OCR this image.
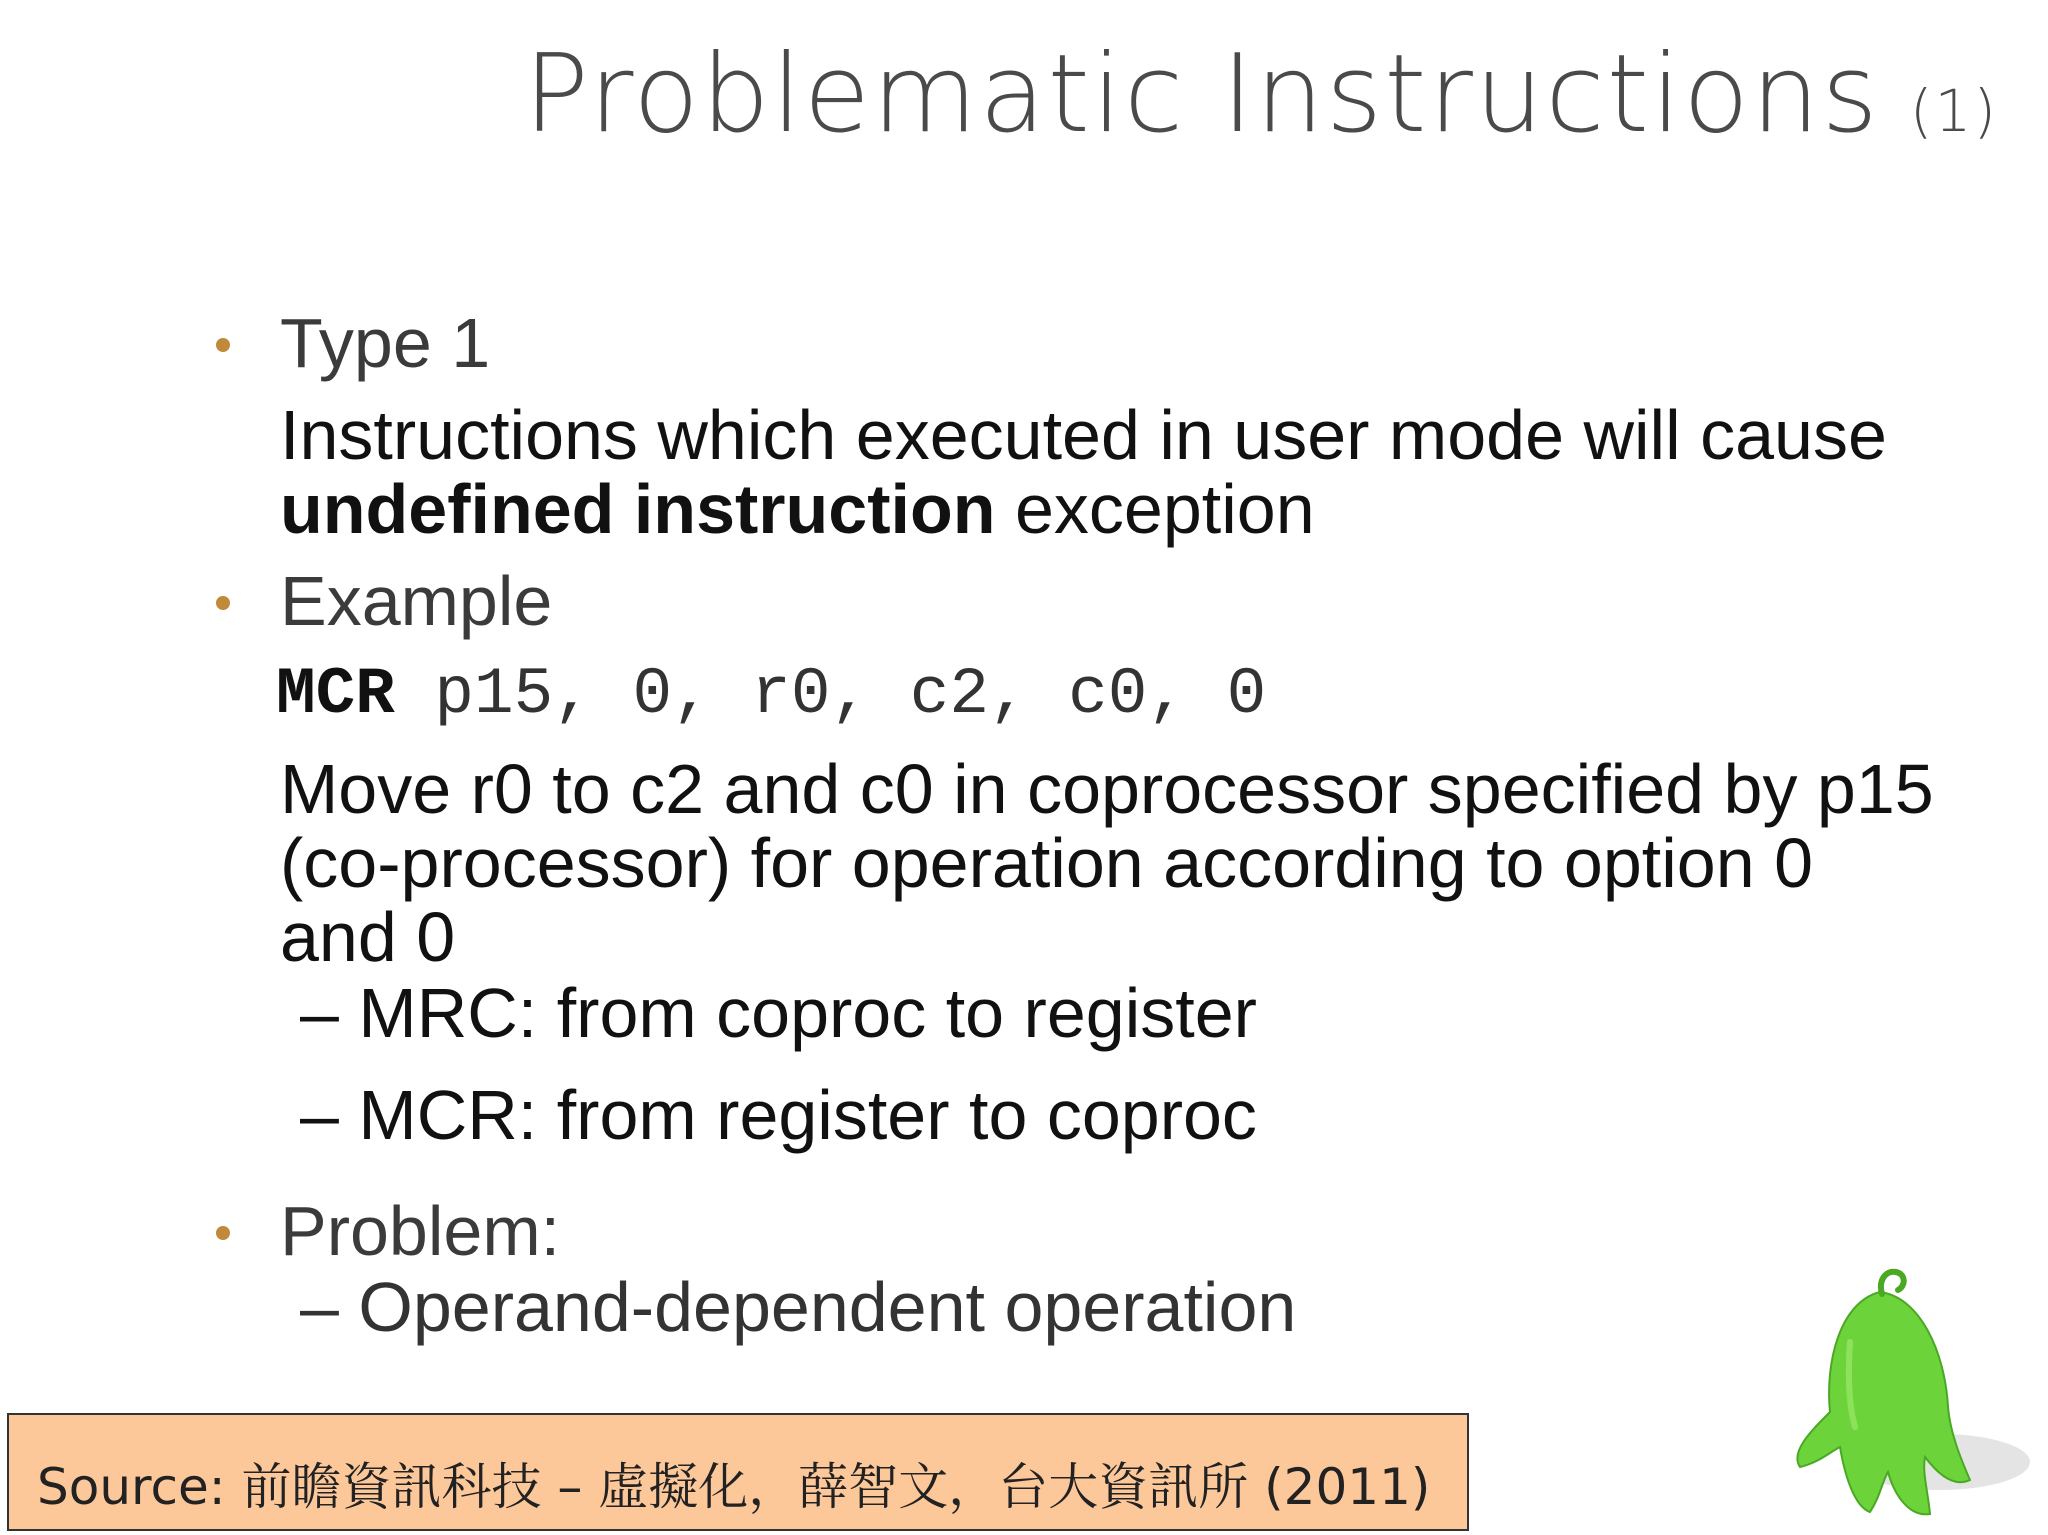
Problematic Instructions (1)
Type 1
Instructions which executed in user mode will cause
undefined instruction exception
Example
MCR p15, 0, r0, c2, c0, 0
Move r0 to c2 and c0 in coprocessor specified by p15
(co-processor) for operation according to option 0
and 0
– MRC: from coproc to register
– MCR: from register to coproc
Problem:
– Operand-dependent operation
Source: 前瞻資訊科技 – 虛擬化，薛智文，台大資訊所 (2011)
